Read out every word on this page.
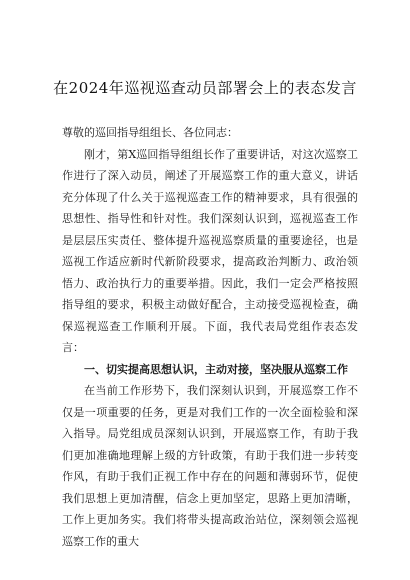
在2024年巡视巡查动员部署会上的表态发言

尊敬的巡回指导组组长、各位同志：

刚才，第X巡回指导组组长作了重要讲话，对这次巡察工作进行了深入动员，阐述了开展巡察工作的重大意义，讲话充分体现了什么关于巡视巡查工作的精神要求，具有很强的思想性、指导性和针对性。我们深刻认识到，巡视巡查工作是层层压实责任、整体提升巡视巡察质量的重要途径，也是巡视工作适应新时代新阶段要求，提高政治判断力、政治领悟力、政治执行力的重要举措。因此，我们一定会严格按照指导组的要求，积极主动做好配合，主动接受巡视检查，确保巡视巡查工作顺利开展。下面，我代表局党组作表态发言：

一、切实提高思想认识，主动对接，坚决服从巡察工作

在当前工作形势下，我们深刻认识到，开展巡察工作不仅是一项重要的任务，更是对我们工作的一次全面检验和深入指导。局党组成员深刻认识到，开展巡察工作，有助于我们更加准确地理解上级的方针政策，有助于我们进一步转变作风，有助于我们正视工作中存在的问题和薄弱环节，促使我们思想上更加清醒，信念上更加坚定，思路上更加清晰，工作上更加务实。我们将带头提高政治站位，深刻领会巡视巡察工作的重大
